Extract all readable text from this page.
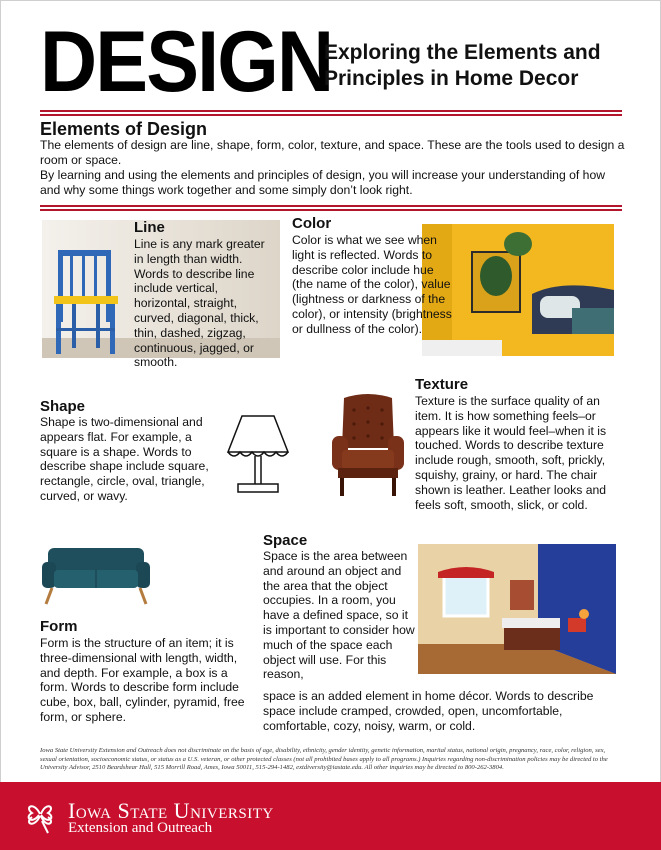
DESIGN
Exploring the Elements and Principles in Home Decor
Elements of Design
The elements of design are line, shape, form, color, texture, and space. These are the tools used to design a room or space.
By learning and using the elements and principles of design, you will increase your understanding of how and why some things work together and some simply don’t look right.
Line
Line is any mark greater in length than width. Words to describe line include vertical, horizontal, straight, curved, diagonal, thick, thin, dashed, zigzag, continuous, jagged, or smooth.
Color
Color is what we see when light is reflected. Words to describe color include hue (the name of the color), value (lightness or darkness of the color), or intensity (brightness or dullness of the color).
Texture
Texture is the surface quality of an item. It is how something feels–or appears like it would feel–when it is touched. Words to describe texture include rough, smooth, soft, prickly, squishy, grainy, or hard. The chair shown is leather. Leather looks and feels soft, smooth, slick, or cold.
Shape
Shape is two-dimensional and appears flat. For example, a square is a shape. Words to describe shape include square, rectangle, circle, oval, triangle, curved, or wavy.
Space
Space is the area between and around an object and the area that the object occupies. In a room, you have a defined space, so it is important to consider how much of the space each object will use. For this reason,
space is an added element in home décor. Words to describe space include cramped, crowded, open, uncomfortable, comfortable, cozy, noisy, warm, or cold.
Form
Form is the structure of an item; it is three-dimensional with length, width, and depth. For example, a box is a form. Words to describe form include cube, box, ball, cylinder, pyramid, free form, or sphere.
Iowa State University Extension and Outreach does not discriminate on the basis of age, disability, ethnicity, gender identity, genetic information, marital status, national origin, pregnancy, race, color, religion, sex, sexual orientation, socioeconomic status, or status as a U.S. veteran, or other protected classes (not all prohibited bases apply to all programs.) Inquiries regarding non-discrimination policies may be directed to the University Advisor, 2510 Beardshear Hall, 515 Morrill Road, Ames, Iowa 50011, 515-294-1482, extdiversity@iastate.edu. All other inquiries may be directed to 800-262-3804.
Iowa State University
Extension and Outreach
